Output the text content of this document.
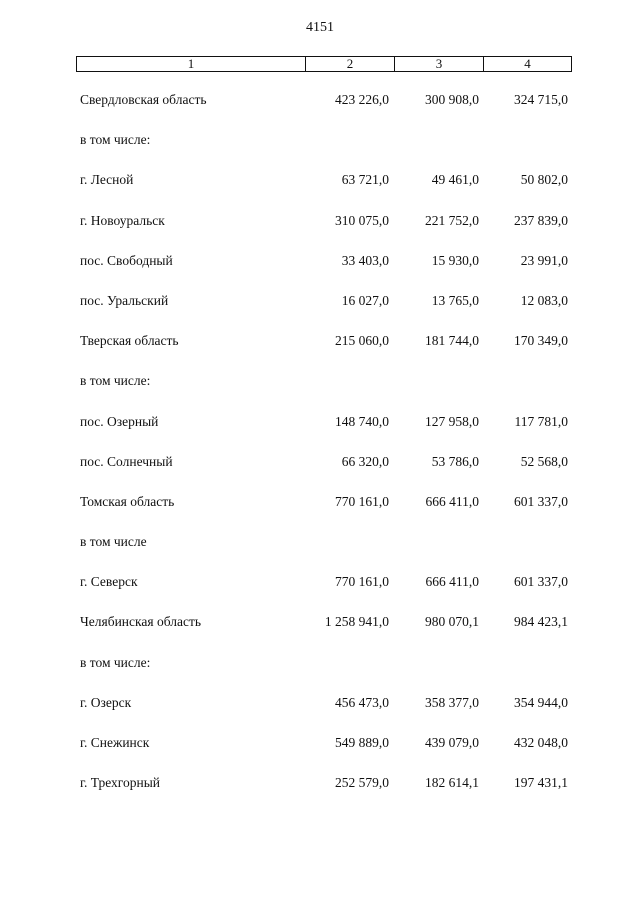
4151
1	2	3	4
Свердловская область	423 226,0	300 908,0	324 715,0
в том числе:
г. Лесной	63 721,0	49 461,0	50 802,0
г. Новоуральск	310 075,0	221 752,0	237 839,0
пос. Свободный	33 403,0	15 930,0	23 991,0
пос. Уральский	16 027,0	13 765,0	12 083,0
Тверская область	215 060,0	181 744,0	170 349,0
в том числе:
пос. Озерный	148 740,0	127 958,0	117 781,0
пос. Солнечный	66 320,0	53 786,0	52 568,0
Томская область	770 161,0	666 411,0	601 337,0
в том числе
г. Северск	770 161,0	666 411,0	601 337,0
Челябинская область	1 258 941,0	980 070,1	984 423,1
в том числе:
г. Озерск	456 473,0	358 377,0	354 944,0
г. Снежинск	549 889,0	439 079,0	432 048,0
г. Трехгорный	252 579,0	182 614,1	197 431,1
